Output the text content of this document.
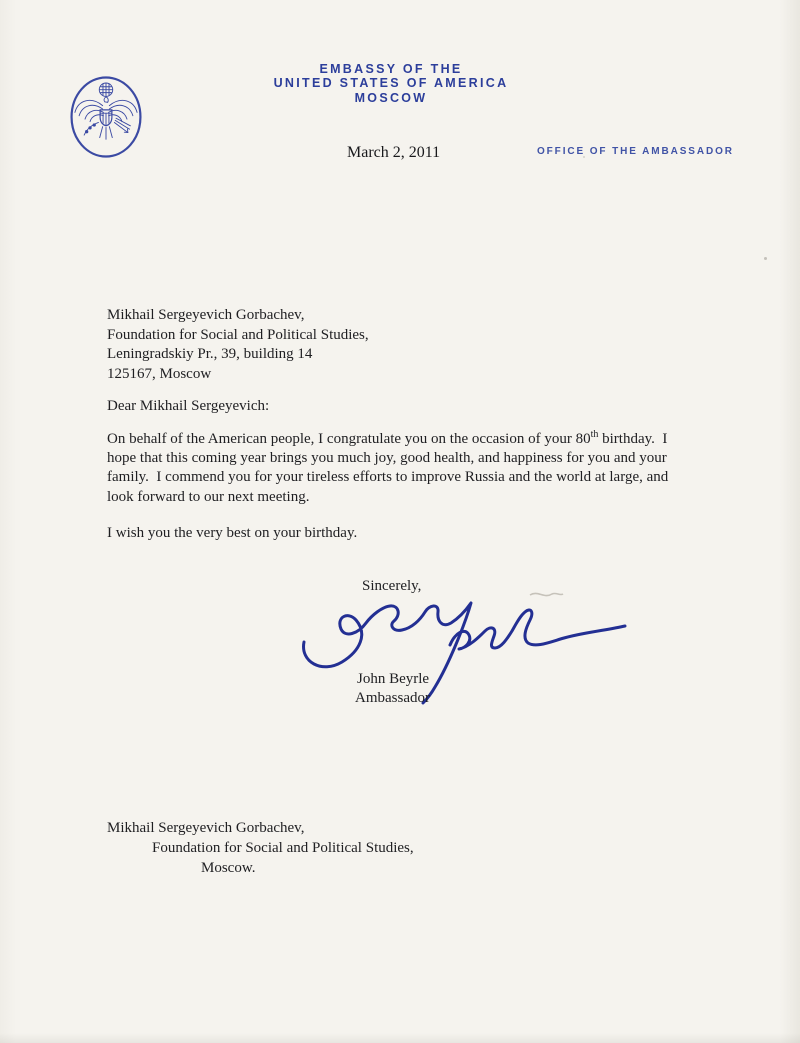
EMBASSY OF THE
UNITED STATES OF AMERICA
MOSCOW
March 2, 2011	OFFICE OF THE AMBASSADOR
Mikhail Sergeyevich Gorbachev,
Foundation for Social and Political Studies,
Leningradskiy Pr., 39, building 14
125167, Moscow
Dear Mikhail Sergeyevich:
On behalf of the American people, I congratulate you on the occasion of your 80th birthday.  I hope that this coming year brings you much joy, good health, and happiness for you and your family.  I commend you for your tireless efforts to improve Russia and the world at large, and look forward to our next meeting.
I wish you the very best on your birthday.
Sincerely,
John Beyrle
Ambassador
Mikhail Sergeyevich Gorbachev,
Foundation for Social and Political Studies,
Moscow.
